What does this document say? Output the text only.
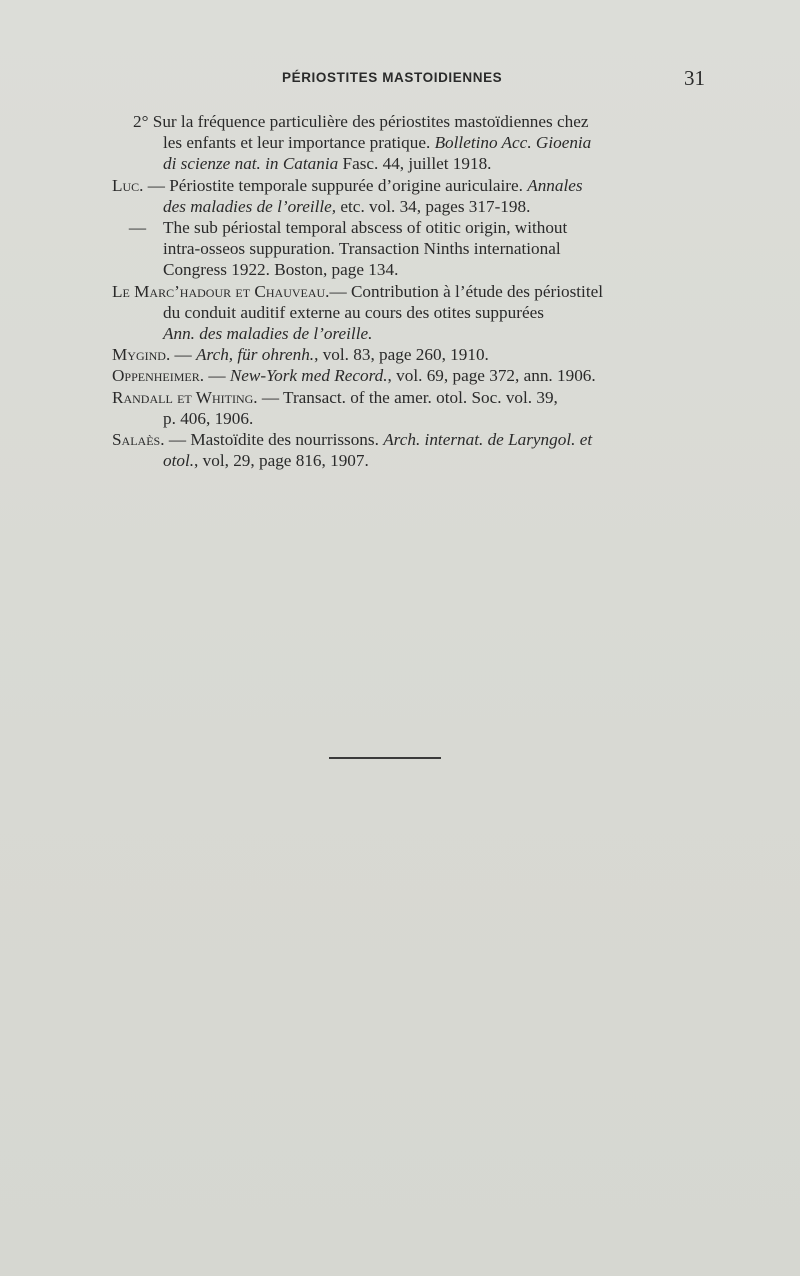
PÉRIOSTITES MASTOIDIENNES	31
2° Sur la fréquence particulière des périostites mastoïdiennes chez
les enfants et leur importance pratique. Bolletino Acc. Gioenia
di scienze nat. in Catania Fasc. 44, juillet 1918.
Luc. — Périostite temporale suppurée d’origine auriculaire. Annales
des maladies de l’oreille, etc. vol. 34, pages 317-198.
— The sub périostal temporal abscess of otitic origin, without
intra-osseos suppuration. Transaction Ninths international
Congress 1922. Boston, page 134.
Le Marc’hadour et Chauveau.— Contribution à l’étude des périostitel
du conduit auditif externe au cours des otites suppurées
Ann. des maladies de l’oreille.
Mygind. — Arch, für ohrenh., vol. 83, page 260, 1910.
Oppenheimer. — New-York med Record., vol. 69, page 372, ann. 1906.
Randall et Whiting. — Transact. of the amer. otol. Soc. vol. 39,
p. 406, 1906.
Salaès. — Mastoïdite des nourrissons. Arch. internat. de Laryngol. et
otol., vol, 29, page 816, 1907.
